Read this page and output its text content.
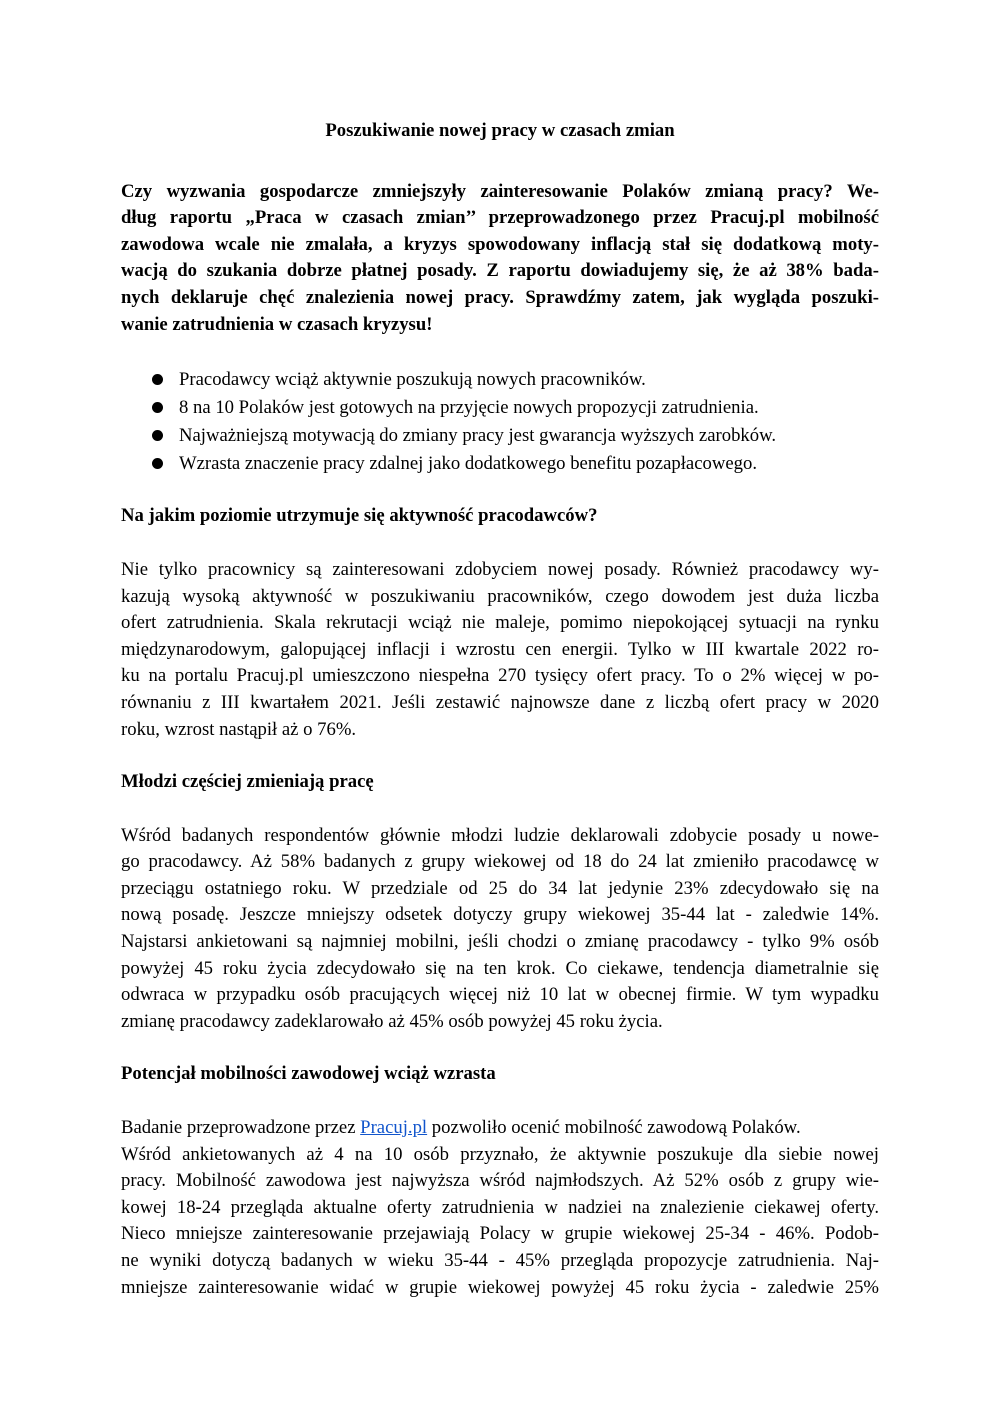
Poszukiwanie nowej pracy w czasach zmian
Czy wyzwania gospodarcze zmniejszyły zainteresowanie Polaków zmianą pracy? We-
dług raportu „Praca w czasach zmian’’ przeprowadzonego przez Pracuj.pl mobilność
zawodowa wcale nie zmalała, a kryzys spowodowany inflacją stał się dodatkową moty-
wacją do szukania dobrze płatnej posady. Z raportu dowiadujemy się, że aż 38% bada-
nych deklaruje chęć znalezienia nowej pracy. Sprawdźmy zatem, jak wygląda poszuki-
wanie zatrudnienia w czasach kryzysu!
Pracodawcy wciąż aktywnie poszukują nowych pracowników.
8 na 10 Polaków jest gotowych na przyjęcie nowych propozycji zatrudnienia.
Najważniejszą motywacją do zmiany pracy jest gwarancja wyższych zarobków.
Wzrasta znaczenie pracy zdalnej jako dodatkowego benefitu pozapłacowego.
Na jakim poziomie utrzymuje się aktywność pracodawców?
Nie tylko pracownicy są zainteresowani zdobyciem nowej posady. Również pracodawcy wy-
kazują wysoką aktywność w poszukiwaniu pracowników, czego dowodem jest duża liczba
ofert zatrudnienia. Skala rekrutacji wciąż nie maleje, pomimo niepokojącej sytuacji na rynku
międzynarodowym, galopującej inflacji i wzrostu cen energii. Tylko w III kwartale 2022 ro-
ku na portalu Pracuj.pl umieszczono niespełna 270 tysięcy ofert pracy. To o 2% więcej w po-
równaniu z III kwartałem 2021. Jeśli zestawić najnowsze dane z liczbą ofert pracy w 2020
roku, wzrost nastąpił aż o 76%.
Młodzi częściej zmieniają pracę
Wśród badanych respondentów głównie młodzi ludzie deklarowali zdobycie posady u nowe-
go pracodawcy. Aż 58% badanych z grupy wiekowej od 18 do 24 lat zmieniło pracodawcę w
przeciągu ostatniego roku. W przedziale od 25 do 34 lat jedynie 23% zdecydowało się na
nową posadę. Jeszcze mniejszy odsetek dotyczy grupy wiekowej 35-44 lat - zaledwie 14%.
Najstarsi ankietowani są najmniej mobilni, jeśli chodzi o zmianę pracodawcy - tylko 9% osób
powyżej 45 roku życia zdecydowało się na ten krok. Co ciekawe, tendencja diametralnie się
odwraca w przypadku osób pracujących więcej niż 10 lat w obecnej firmie. W tym wypadku
zmianę pracodawcy zadeklarowało aż 45% osób powyżej 45 roku życia.
Potencjał mobilności zawodowej wciąż wzrasta
Badanie przeprowadzone przez Pracuj.pl pozwoliło ocenić mobilność zawodową Polaków.
Wśród ankietowanych aż 4 na 10 osób przyznało, że aktywnie poszukuje dla siebie nowej
pracy. Mobilność zawodowa jest najwyższa wśród najmłodszych. Aż 52% osób z grupy wie-
kowej 18-24 przegląda aktualne oferty zatrudnienia w nadziei na znalezienie ciekawej oferty.
Nieco mniejsze zainteresowanie przejawiają Polacy w grupie wiekowej 25-34 - 46%. Podob-
ne wyniki dotyczą badanych w wieku 35-44 - 45% przegląda propozycje zatrudnienia. Naj-
mniejsze zainteresowanie widać w grupie wiekowej powyżej 45 roku życia - zaledwie 25%
